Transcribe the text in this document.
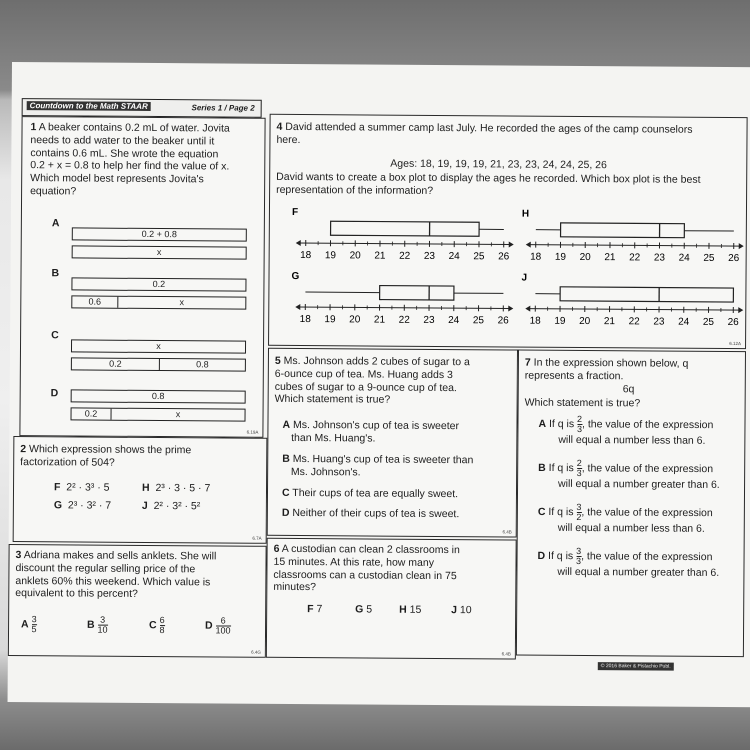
Countdown to the Math STAAR	Series 1 / Page 2
1 A beaker contains 0.2 mL of water. Jovita
needs to add water to the beaker until it
contains 0.6 mL. She wrote the equation
0.2 + x = 0.8 to help her find the value of x.
Which model best represents Jovita's
equation?
A
0.2 + 0.8
x
B
0.2
0.6	x
C
x
0.2	0.8
D	0.8
0.2	x
6.19A
2 Which expression shows the prime
factorization of 504?
F 2² · 3³ · 5	H 2³ · 3 · 5 · 7
G 2³ · 3² · 7	J 2² · 3² · 5²
6.7A
3 Adriana makes and sells anklets. She will
discount the regular selling price of the
anklets 60% this weekend. Which value is
equivalent to this percent?
A $\frac{3}{5}$	B $\frac{3}{10}$	C $\frac{6}{8}$	D $\frac{6}{100}$
6.4G
4 David attended a summer camp last July. He recorded the ages of the camp counselors
here.
Ages: 18, 19, 19, 19, 21, 23, 23, 24, 24, 25, 26
David wants to create a box plot to display the ages he recorded. Which box plot is the best
representation of the information?
F
18 19 20 21 22 23 24 25 26
H
18 19 20 21 22 23 24 25 26
G
18 19 20 21 22 23 24 25 26
J
18 19 20 21 22 23 24 25 26
6.12A
5 Ms. Johnson adds 2 cubes of sugar to a
6-ounce cup of tea. Ms. Huang adds 3
cubes of sugar to a 9-ounce cup of tea.
Which statement is true?
A Ms. Johnson's cup of tea is sweeter
than Ms. Huang's.
B Ms. Huang's cup of tea is sweeter than
Ms. Johnson's.
C Their cups of tea are equally sweet.
D Neither of their cups of tea is sweet.
6.4B
6 A custodian can clean 2 classrooms in
15 minutes. At this rate, how many
classrooms can a custodian clean in 75
minutes?
F 7	G 5	H 15	J 10
6.4B
7 In the expression shown below, q
represents a fraction.
6q
Which statement is true?
A If q is $\frac{2}{3}$ , the value of the expression
will equal a number less than 6.
B If q is $\frac{2}{3}$ , the value of the expression
will equal a number greater than 6.
C If q is $\frac{3}{2}$ , the value of the expression
will equal a number less than 6.
D If q is $\frac{3}{3}$ , the value of the expression
will equal a number greater than 6.
© 2016 Baker & Pistachio Publ.
